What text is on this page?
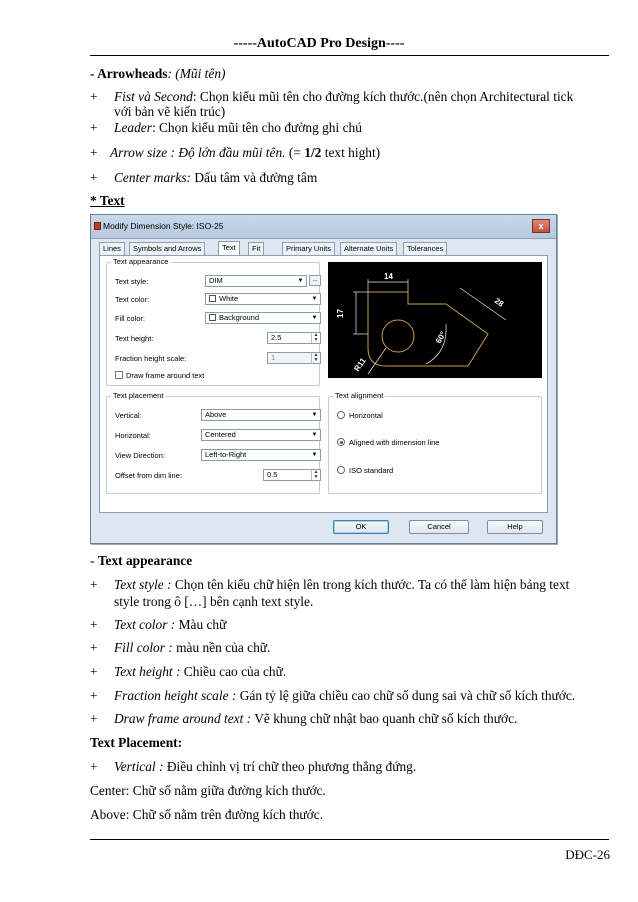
-----AutoCAD Pro Design----
- Arrowheads: (Mũi tên)
+ Fist và Second: Chọn kiểu mũi tên cho đường kích thước.(nên chọn Architectural tick
với bản vẽ kiến trúc)
+ Leader: Chọn kiểu mũi tên cho đường ghi chú
+ Arrow size : Độ lớn đầu mũi tên. (= 1/2 text hight)
+ Center marks: Dấu tâm và đường tâm
* Text
Modify Dimension Style: ISO-25	x
Lines	Symbols and Arrows	Text	Fit	Primary Units	Alternate Units	Tolerances
Text appearance
Text style:	DIM	▼	...
Text color:	White	▼
Fill color:	Background	▼
Text height:	2.5	▲
▼
Fraction height scale:	1	▲
▼
Draw frame around text
14
17
28
60°
R11
Text placement
Vertical:	Above	▼
Horizontal:	Centered	▼
View Direction:	Left-to-Right	▼
Offset from dim line:	0.5	▲
▼
Text alignment
Horizontal
Aligned with dimension line
ISO standard
OK	Cancel	Help
- Text appearance
+ Text style : Chọn tên kiểu chữ hiện lên trong kích thước. Ta có thể làm hiện bảng text
style trong ô […] bên cạnh text style.
+ Text color : Màu chữ
+ Fill color : màu nền của chữ.
+ Text height : Chiều cao của chữ.
+ Fraction height scale : Gán tỷ lệ giữa chiều cao chữ số dung sai và chữ số kích thước.
+ Draw frame around text : Vẽ khung chữ nhật bao quanh chữ số kích thước.
Text Placement:
+ Vertical : Điều chỉnh vị trí chữ theo phương thẳng đứng.
Center: Chữ số nằm giữa đường kích thước.
Above: Chữ số nằm trên đường kích thước.
DĐC-26
